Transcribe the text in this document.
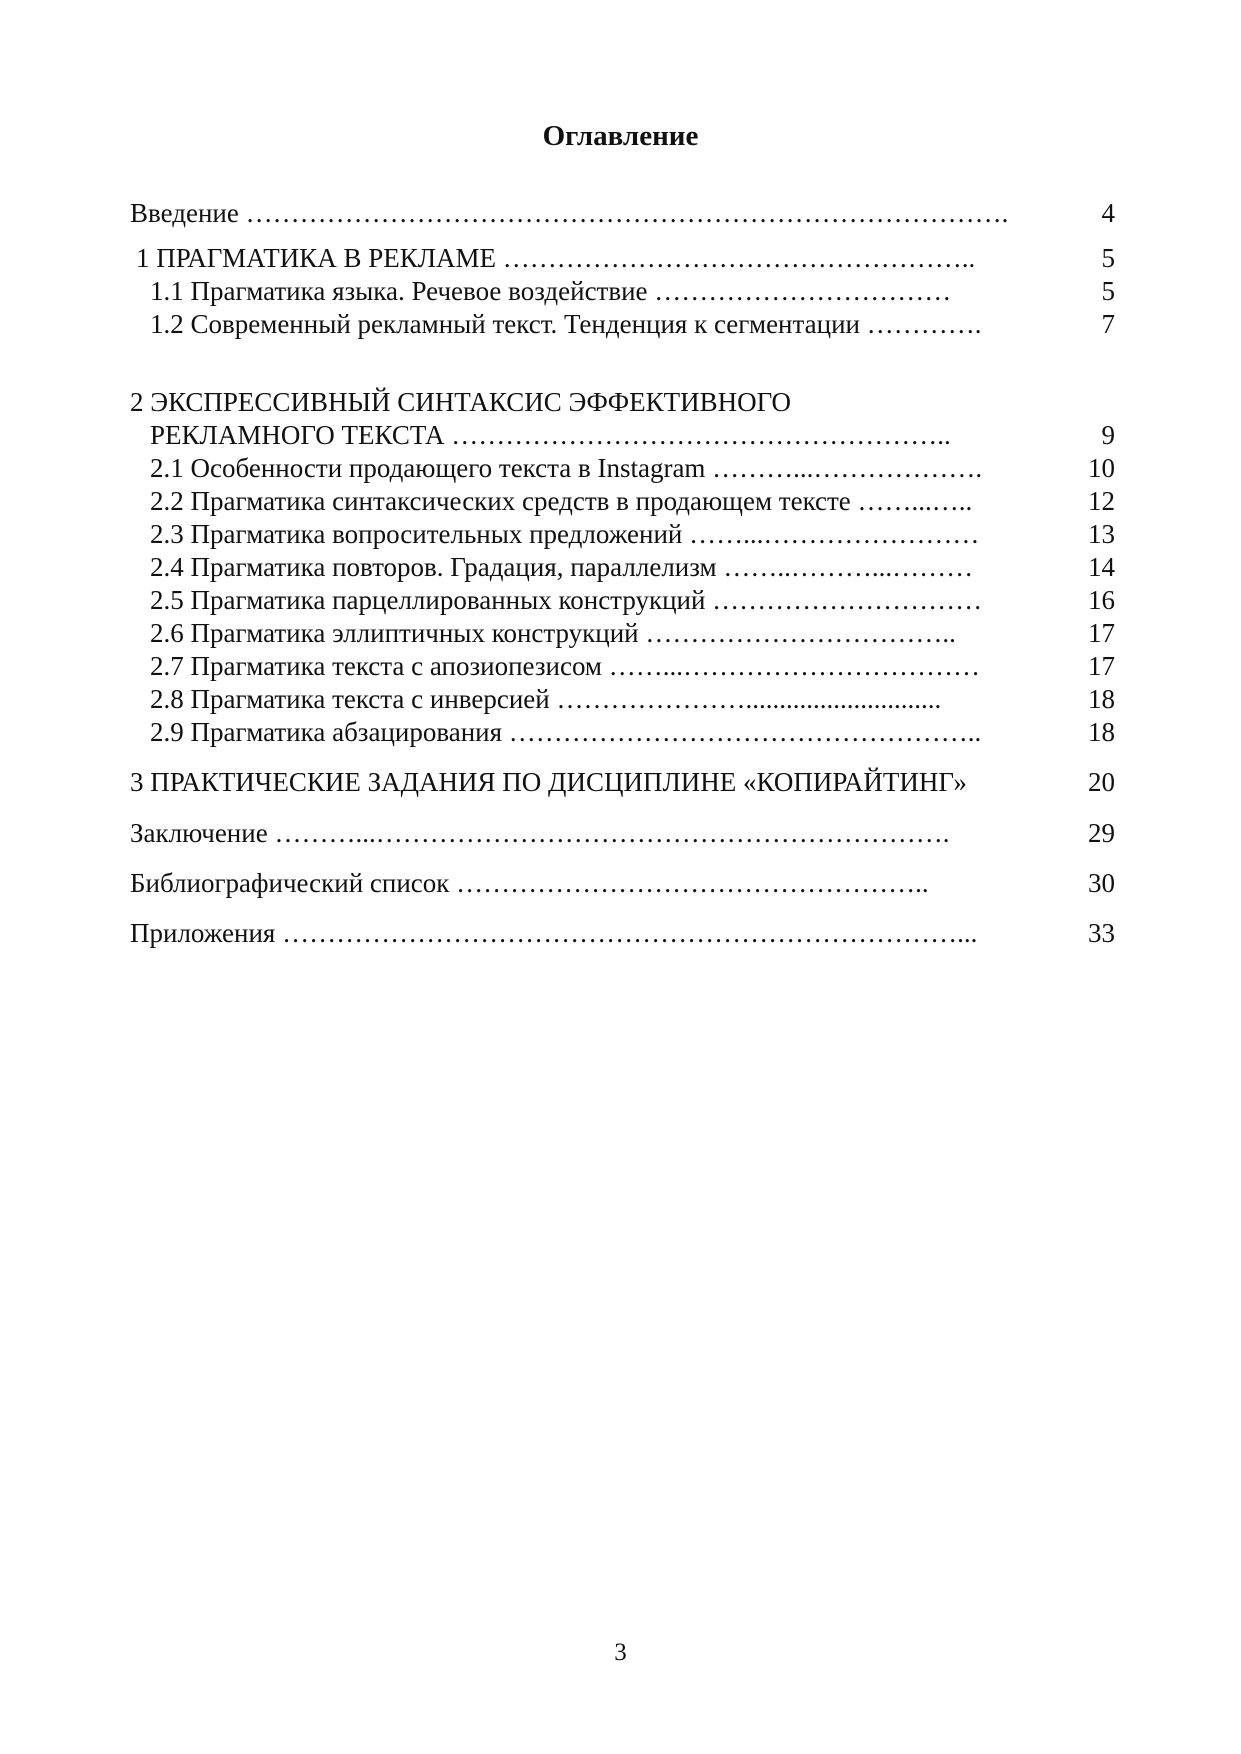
Оглавление
Введение ………………………………………………………………………….	4
1 ПРАГМАТИКА В РЕКЛАМЕ ……………………………………………..	5
1.1 Прагматика языка. Речевое воздействие ……………………………	5
1.2 Современный рекламный текст. Тенденция к сегментации ………….	7
2 ЭКСПРЕССИВНЫЙ СИНТАКСИС ЭФФЕКТИВНОГО
РЕКЛАМНОГО ТЕКСТА ………………………………………………..	9
2.1 Особенности продающего текста в Instagram ………...……………….	10
2.2 Прагматика синтаксических средств в продающем тексте ……...…..	12
2.3 Прагматика вопросительных предложений ……...……………………	13
2.4 Прагматика повторов. Градация, параллелизм ……..………...………	14
2.5 Прагматика парцеллированных конструкций …………………………	16
2.6 Прагматика эллиптичных конструкций ……………………………..	17
2.7 Прагматика текста с апозиопезисом ……...……………………………	17
2.8 Прагматика текста с инверсией ………………….............................	18
2.9 Прагматика абзацирования ……………………………………………..	18
3 ПРАКТИЧЕСКИЕ ЗАДАНИЯ ПО ДИСЦИПЛИНЕ «КОПИРАЙТИНГ»	20
Заключение ………...……………………………………………………….	29
Библиографический список ……………………………………………..	30
Приложения …………………………………………………………………...	33
3
